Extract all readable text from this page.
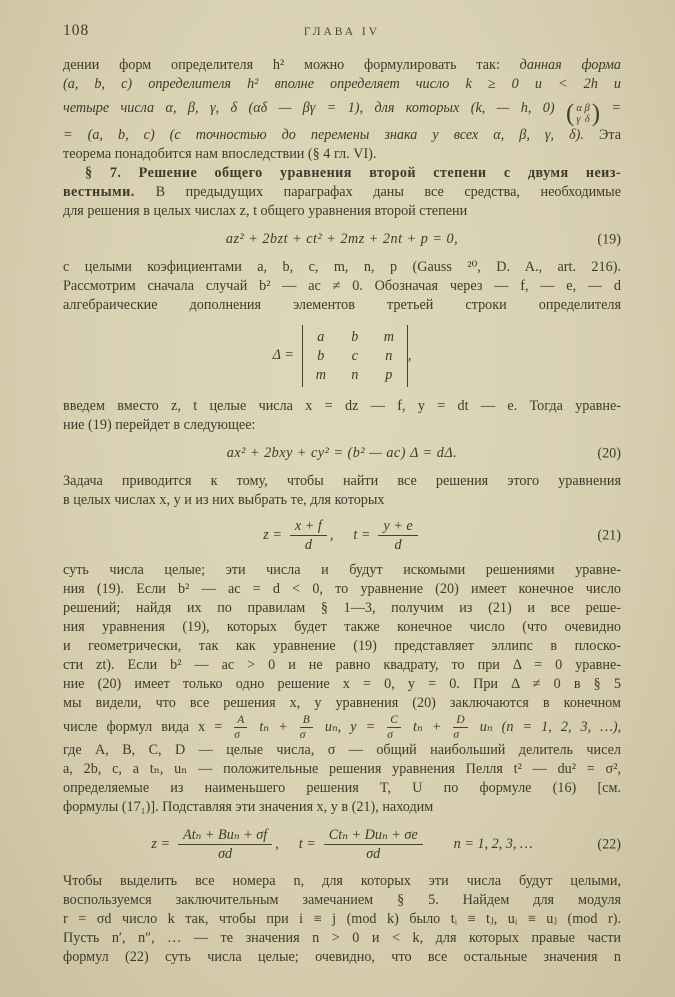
108	ГЛАВА IV
дении форм определителя h² можно формулировать так: данная форма
(a, b, c) определителя h² вполне определяет число k ≥ 0 и < 2h и
четыре числа α, β, γ, δ (αδ — βγ = 1), для которых (k, — h, 0) ( α β
γ δ ) =
= (a, b, c) (с точностью до перемены знака у всех α, β, γ, δ). Эта
теорема понадобится нам впоследствии (§ 4 гл. VI).
§ 7. Решение общего уравнения второй степени с двумя неиз-
вестными. В предыдущих параграфах даны все средства, необходимые
для решения в целых числах z, t общего уравнения второй степени
az² + 2bzt + ct² + 2mz + 2nt + p = 0,	(19)
с целыми коэфициентами a, b, c, m, n, p (Gauss ²⁰, D. A., art. 216).
Рассмотрим сначала случай b² — ac ≠ 0. Обозначая через — f, — e, — d
алгебраические дополнения элементов третьей строки определителя
Δ =
a	b	m
b	c	n
m	n	p
,
введем вместо z, t целые числа x = dz — f, y = dt — e. Тогда уравне-
ние (19) перейдет в следующее:
ax² + 2bxy + cy² = (b² — ac) Δ = dΔ.	(20)
Задача приводится к тому, чтобы найти все решения этого уравнения
в целых числах x, y и из них выбрать те, для которых
$z = \frac{x + f}{d}$ , $t = \frac{y + e}{d}$	(21)
суть числа целые; эти числа и будут искомыми решениями уравне-
ния (19). Если b² — ac = d < 0, то уравнение (20) имеет конечное число
решений; найдя их по правилам § 1—3, получим из (21) и все реше-
ния уравнения (19), которых будет также конечное число (что очевидно
и геометрически, так как уравнение (19) представляет эллипс в плоско-
сти zt). Если b² — ac > 0 и не равно квадрату, то при Δ = 0 уравне-
ние (20) имеет только одно решение x = 0, y = 0. При Δ ≠ 0 в § 5
мы видели, что все решения x, y уравнения (20) заключаются в конечном
числе формул вида $x = \frac{A}{\sigma}$ $t_n + \frac{B}{\sigma} u_n$, $y = \frac{C}{\sigma}$ $t_n + \frac{D}{\sigma}$ uₙ (n = 1, 2, 3, …),
где A, B, C, D — целые числа, σ — общий наибольший делитель чисел
a, 2b, c, а tₙ, uₙ — положительные решения уравнения Пелля t² — du² = σ²,
определяемые из наименьшего решения T, U по формуле (16) [см.
формулы (17₁)]. Подставляя эти значения x, y в (21), находим
$z = \frac{\text{Atₙ + Buₙ + σf}}{\sigma d}$ , $t = \frac{\text{Ctₙ + Duₙ + σe}}{\sigma d}$ n = 1, 2, 3, …	(22)
Чтобы выделить все номера n, для которых эти числа будут целыми,
воспользуемся заключительным замечанием § 5. Найдем для модуля
r = σd число k так, чтобы при i ≡ j (mod k) было tᵢ ≡ tⱼ, uᵢ ≡ uⱼ (mod r).
Пусть n′, n″, … — те значения n > 0 и < k, для которых правые части
формул (22) суть числа целые; очевидно, что все остальные значения n
